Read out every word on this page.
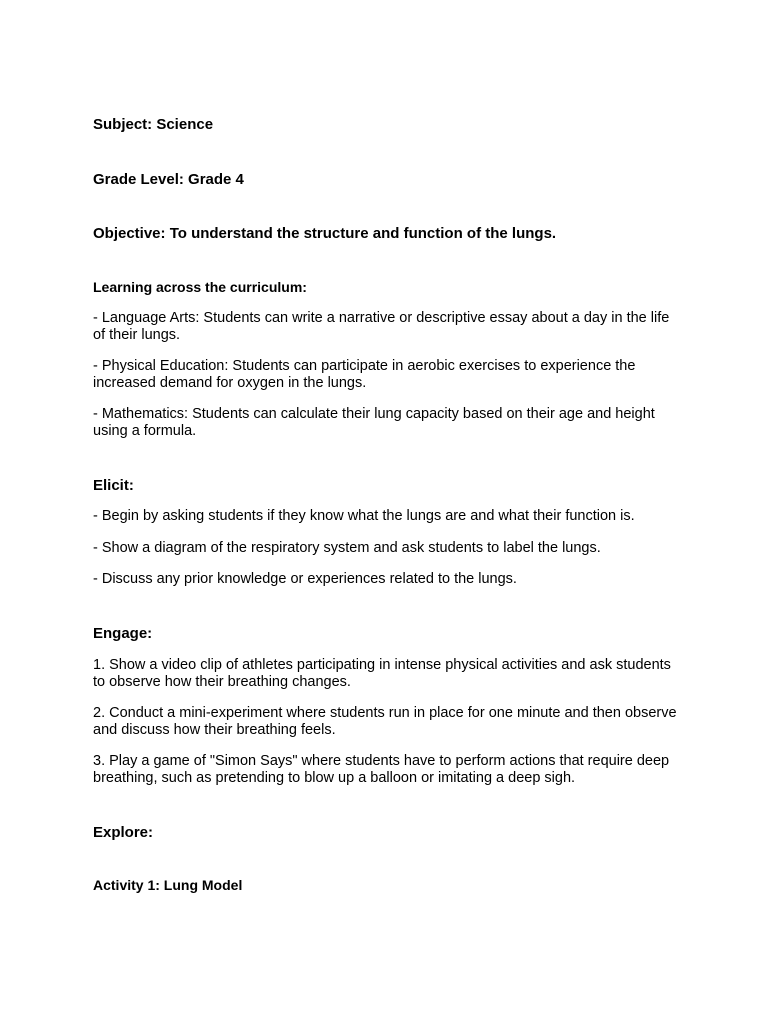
Subject: Science

Grade Level: Grade 4

Objective: To understand the structure and function of the lungs.

Learning across the curriculum:

- Language Arts: Students can write a narrative or descriptive essay about a day in the life of their lungs.

- Physical Education: Students can participate in aerobic exercises to experience the increased demand for oxygen in the lungs.

- Mathematics: Students can calculate their lung capacity based on their age and height using a formula.

Elicit:

- Begin by asking students if they know what the lungs are and what their function is.

- Show a diagram of the respiratory system and ask students to label the lungs.

- Discuss any prior knowledge or experiences related to the lungs.

Engage:

1. Show a video clip of athletes participating in intense physical activities and ask students to observe how their breathing changes.

2. Conduct a mini-experiment where students run in place for one minute and then observe and discuss how their breathing feels.

3. Play a game of "Simon Says" where students have to perform actions that require deep breathing, such as pretending to blow up a balloon or imitating a deep sigh.

Explore:

Activity 1: Lung Model
